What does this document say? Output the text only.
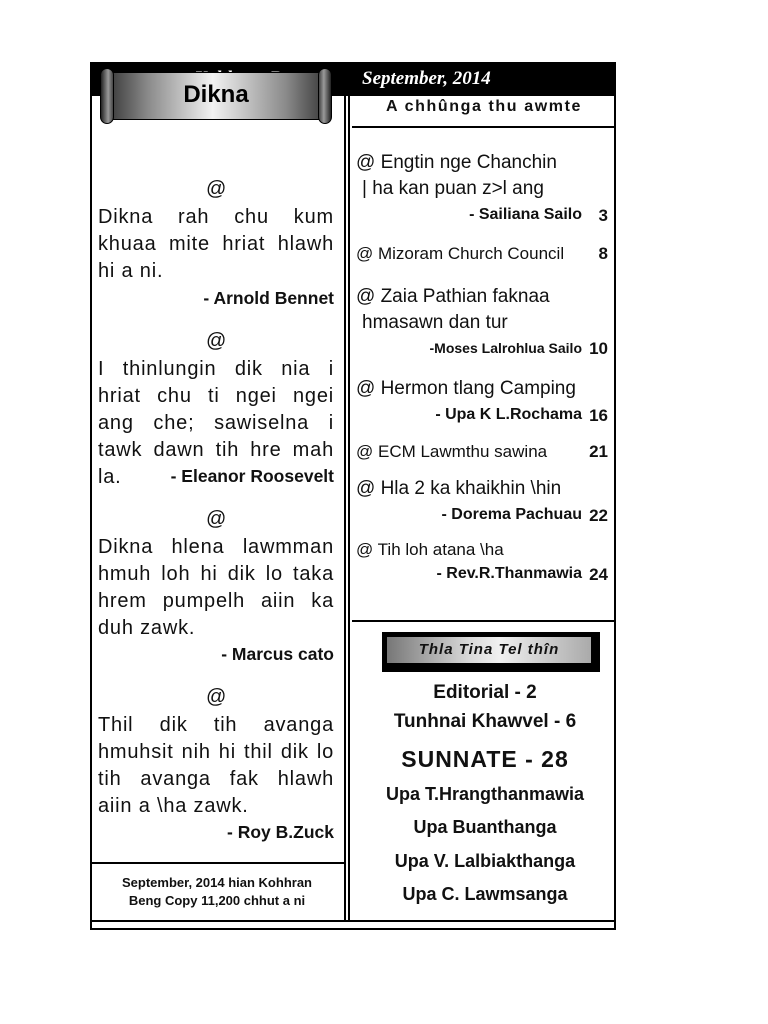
September, 2014
Dikna
@
Dikna rah chu kum khuaa mite hriat hlawh hi a ni.
- Arnold Bennet
@
I thinlungin dik nia i hriat chu ti ngei ngei ang che; sawiselna i tawk dawn tih hre mah la.	- Eleanor Roosevelt
@
Dikna hlena lawmman hmuh loh hi dik lo taka hrem pumpelh aiin ka duh zawk.
- Marcus cato
@
Thil dik tih avanga hmuhsit nih hi thil dik lo tih avanga fak hlawh aiin a \ha zawk.
- Roy B.Zuck
September, 2014 hian Kohhran
Beng Copy 11,200 chhut a ni
A chhûnga thu awmte
@ Engtin nge Chanchin
| ha kan puan z>l ang
- Sailiana Sailo 3
@ Mizoram Church Council 8
@ Zaia Pathian faknaa
hmasawn dan tur
-Moses Lalrohlua Sailo 10
@ Hermon tlang Camping
- Upa K L.Rochama 16
@ ECM Lawmthu sawina 21
@ Hla 2 ka khaikhin \hin
- Dorema Pachuau 22
@ Tih loh atana \ha
- Rev.R.Thanmawia 24
Thla Tina Tel thîn
Editorial - 2
Tunhnai Khawvel - 6
SUNNATE - 28
Upa T.Hrangthanmawia
Upa Buanthanga
Upa V. Lalbiakthanga
Upa C. Lawmsanga
